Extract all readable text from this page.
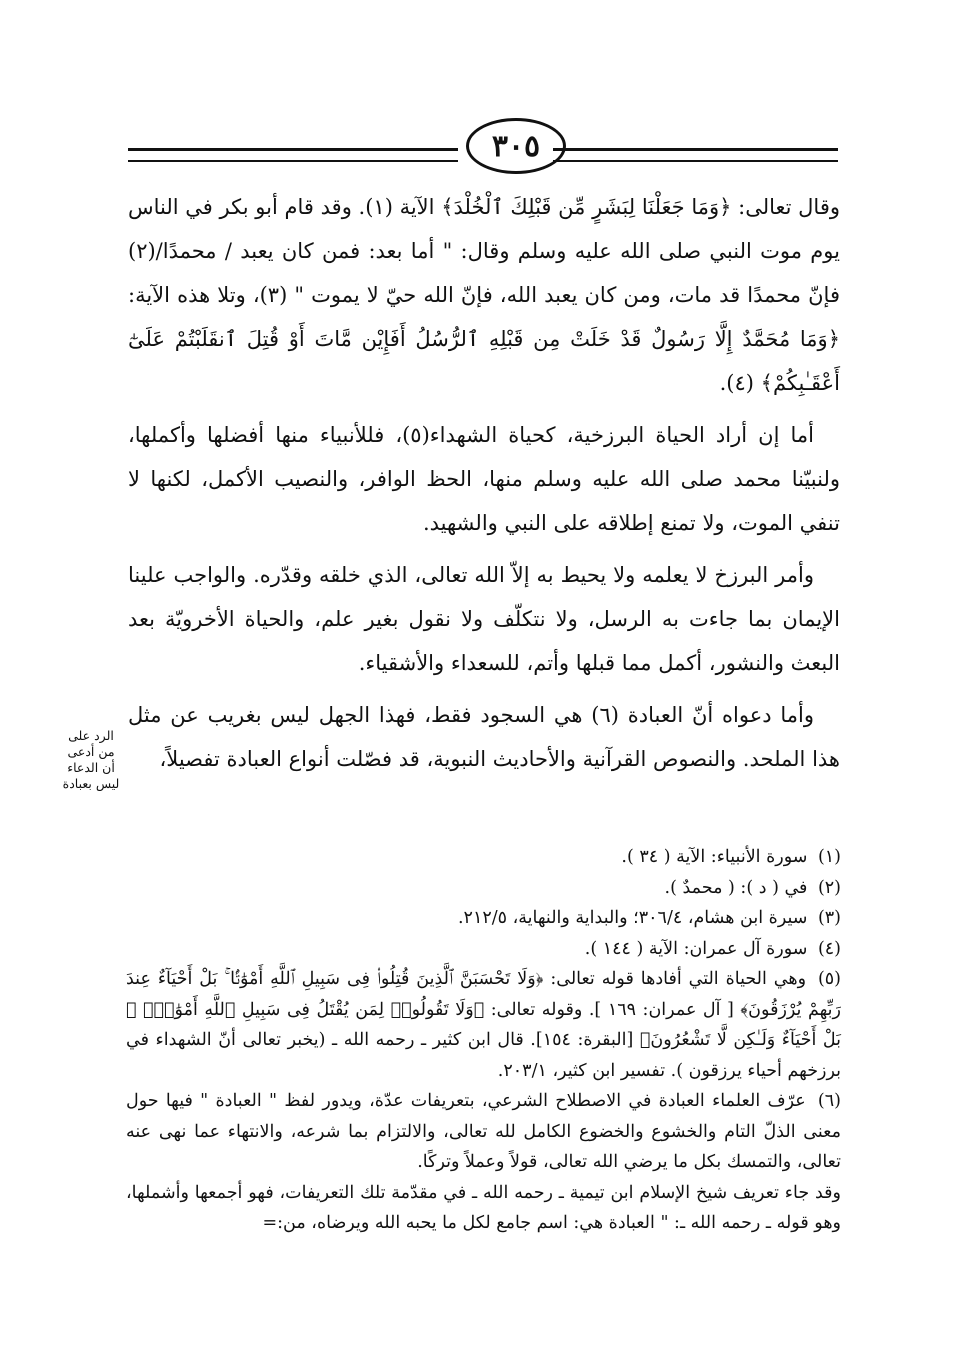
٣٠٥

وقال تعالى: ﴿وَمَا جَعَلْنَا لِبَشَرٍ مِّن قَبْلِكَ ٱلْخُلْدَ﴾ الآية (١). وقد قام أبو بكر في الناس يوم موت النبي صلى الله عليه وسلم وقال: " أما بعد: فمن كان يعبد / محمدًا/(٢) فإنّ محمدًا قد مات، ومن كان يعبد الله، فإنّ الله حيّ لا يموت " (٣)، وتلا هذه الآية: ﴿وَمَا مُحَمَّدٌ إِلَّا رَسُولٌ قَدْ خَلَتْ مِن قَبْلِهِ ٱلرُّسُلُ أَفَإِيْن مَّاتَ أَوْ قُتِلَ ٱنقَلَبْتُمْ عَلَىٰٓ أَعْقَـٰبِكُمْ﴾ (٤).

أما إن أراد الحياة البرزخية، كحياة الشهداء(٥)، فللأنبياء منها أفضلها وأكملها، ولنبيّنا محمد صلى الله عليه وسلم منها، الحظ الوافر، والنصيب الأكمل، لكنها لا تنفي الموت، ولا تمنع إطلاقه على النبي والشهيد.

وأمر البرزخ لا يعلمه ولا يحيط به إلاّ الله تعالى، الذي خلقه وقدّره. والواجب علينا الإيمان بما جاءت به الرسل، ولا نتكلّف ولا نقول بغير علم، والحياة الأخرويّة بعد البعث والنشور، أكمل مما قبلها وأتم، للسعداء والأشقياء.

وأما دعواه أنّ العبادة (٦) هي السجود فقط، فهذا الجهل ليس بغريب عن مثل هذا الملحد. والنصوص القرآنية والأحاديث النبوية، قد فصّلت أنواع العبادة تفصيلاً،

الرد على
من أدعى
أن الدعاء
ليس بعبادة

(١) سورة الأنبياء: الآية ( ٣٤ ).

(٢) في ( د ): ( محمدٌ ).

(٣) سيرة ابن هشام، ٣٠٦/٤؛ والبداية والنهاية، ٢١٢/٥.

(٤) سورة آل عمران: الآية ( ١٤٤ ).

(٥) وهي الحياة التي أفادها قوله تعالى: ﴿وَلَا تَحْسَبَنَّ ٱلَّذِينَ قُتِلُوا۟ فِى سَبِيلِ ٱللَّهِ أَمْوَٰتًۢا ۚ بَلْ أَحْيَآءٌ عِندَ رَبِّهِمْ يُرْزَقُونَ﴾ [ آل عمران: ١٦٩ ]. وقوله تعالى: ﴿وَلَا تَقُولُوا۟ لِمَن يُقْتَلُ فِى سَبِيلِ ٱللَّهِ أَمْوَٰتٌۢ ۚ بَلْ أَحْيَآءٌ وَلَـٰكِن لَّا تَشْعُرُونَ﴾ [البقرة: ١٥٤]. قال ابن كثير ـ رحمه الله ـ (يخبر تعالى أنّ الشهداء في برزخهم أحياء يرزقون ). تفسير ابن كثير، ٢٠٣/١.

(٦) عرّف العلماء العبادة في الاصطلاح الشرعي، بتعريفات عدّة، ويدور لفظ " العبادة " فيها حول معنى الذلّ التام والخشوع والخضوع الكامل لله تعالى، والالتزام بما شرعه، والانتهاء عما نهى عنه تعالى، والتمسك بكل ما يرضي الله تعالى، قولاً وعملاً وتركًا.

وقد جاء تعريف شيخ الإسلام ابن تيمية ـ رحمه الله ـ في مقدّمة تلك التعريفات، فهو أجمعها وأشملها، وهو قوله ـ رحمه الله ـ: " العبادة هي: اسم جامع لكل ما يحبه الله ويرضاه، من:=
